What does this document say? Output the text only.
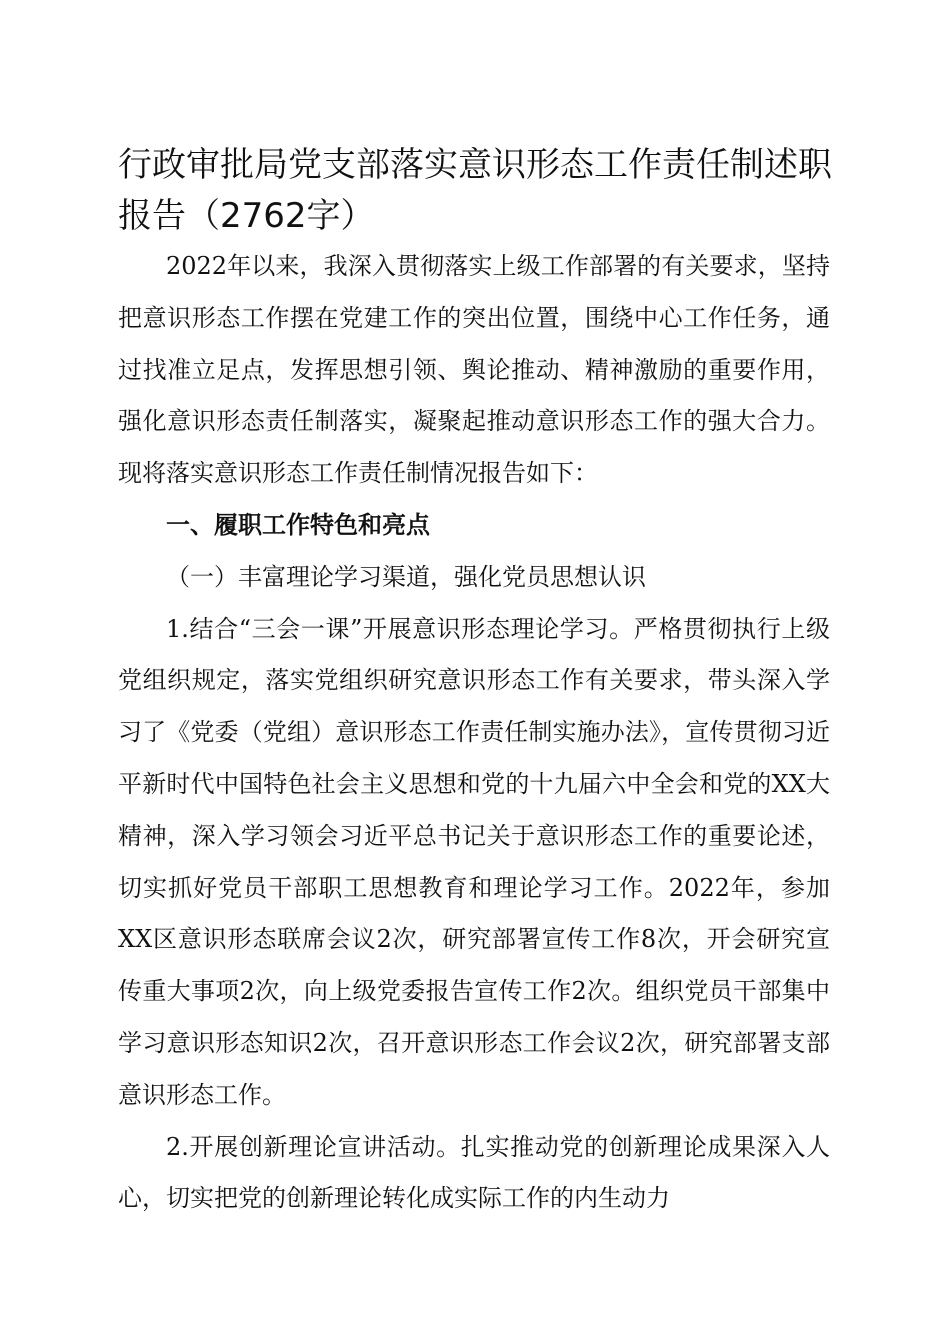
行政审批局党支部落实意识形态工作责任制述职报告（2762字）

2022年以来，我深入贯彻落实上级工作部署的有关要求，坚持把意识形态工作摆在党建工作的突出位置，围绕中心工作任务，通过找准立足点，发挥思想引领、舆论推动、精神激励的重要作用，强化意识形态责任制落实，凝聚起推动意识形态工作的强大合力。现将落实意识形态工作责任制情况报告如下：

一、履职工作特色和亮点

（一）丰富理论学习渠道，强化党员思想认识

1.结合“三会一课”开展意识形态理论学习。严格贯彻执行上级党组织规定，落实党组织研究意识形态工作有关要求，带头深入学习了《党委（党组）意识形态工作责任制实施办法》，宣传贯彻习近平新时代中国特色社会主义思想和党的十九届六中全会和党的XX大精神，深入学习领会习近平总书记关于意识形态工作的重要论述，切实抓好党员干部职工思想教育和理论学习工作。2022年，参加XX区意识形态联席会议2次，研究部署宣传工作8次，开会研究宣传重大事项2次，向上级党委报告宣传工作2次。组织党员干部集中学习意识形态知识2次，召开意识形态工作会议2次，研究部署支部意识形态工作。

2.开展创新理论宣讲活动。扎实推动党的创新理论成果深入人心，切实把党的创新理论转化成实际工作的内生动力
